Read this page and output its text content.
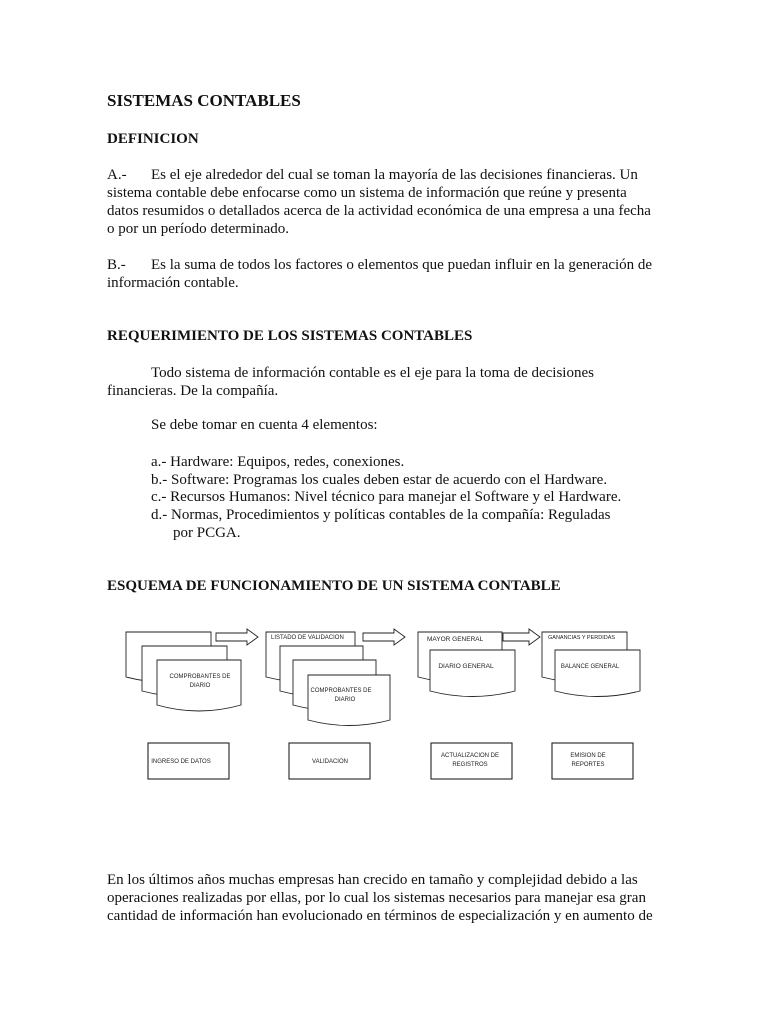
SISTEMAS CONTABLES
DEFINICION
A.- Es el eje alrededor del cual se toman la mayoría de las decisiones financieras. Un
sistema contable debe enfocarse como un sistema de información que reúne y presenta
datos resumidos o detallados acerca de la actividad económica de una empresa a una fecha
o por un período determinado.
B.- Es la suma de todos los factores o elementos que puedan influir en la generación de
información contable.
REQUERIMIENTO DE LOS SISTEMAS CONTABLES
Todo sistema de información contable es el eje para la toma de decisiones
financieras. De la compañía.
Se debe tomar en cuenta 4 elementos:
a.- Hardware: Equipos, redes, conexiones.
b.- Software: Programas los cuales deben estar de acuerdo con el Hardware.
c.- Recursos Humanos: Nivel técnico para manejar el Software y el Hardware.
d.- Normas, Procedimientos y políticas contables de la compañía: Reguladas
por PCGA.
ESQUEMA DE FUNCIONAMIENTO DE UN SISTEMA CONTABLE
COMPROBANTES DE
DIARIO
LISTADO DE VALIDACION
COMPROBANTES DE
DIARIO
MAYOR GENERAL
DIARIO GENERAL
GANANCIAS Y PERDIDAS
BALANCE GENERAL
INGRESO DE DATOS	VALIDACION
ACTUALIZACION DE
REGISTROS
EMISION DE
REPORTES
En los últimos años muchas empresas han crecido en tamaño y complejidad debido a las
operaciones realizadas por ellas, por lo cual los sistemas necesarios para manejar esa gran
cantidad de información han evolucionado en términos de especialización y en aumento de
